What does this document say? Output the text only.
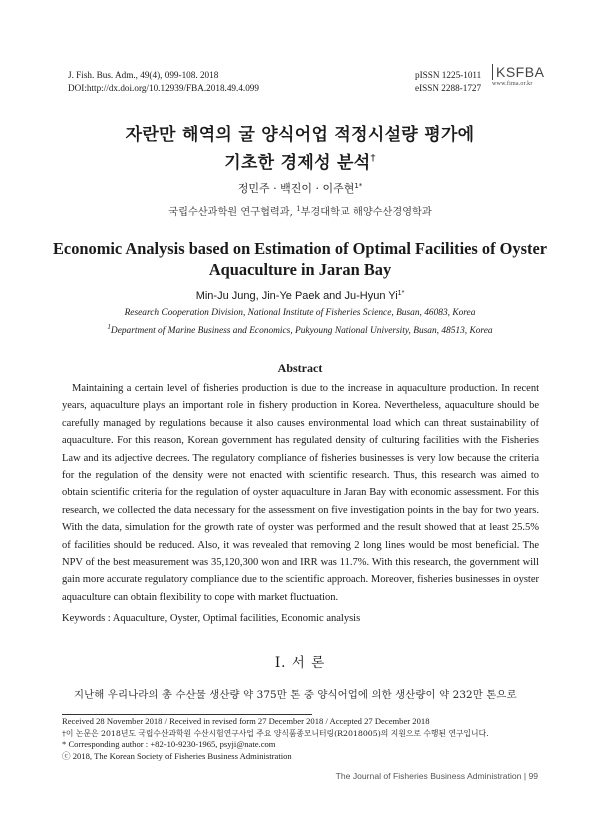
J. Fish. Bus. Adm., 49(4), 099-108. 2018
DOI:http://dx.doi.org/10.12939/FBA.2018.49.4.099
pISSN 1225-1011
eISSN 2288-1727
KSFBA
www.fima.or.kr
자란만 해역의 굴 양식어업 적정시설량 평가에
기초한 경제성 분석†
정민주 · 백진이 · 이주현$^{1*}$
국립수산과학원 연구협력과, $^1$부경대학교 해양수산경영학과
Economic Analysis based on Estimation of Optimal Facilities of Oyster
Aquaculture in Jaran Bay
Min-Ju Jung, Jin-Ye Paek and Ju-Hyun $Yi^{1*}$
Research Cooperation Division, National Institute of Fisheries Science, Busan, 46083, Korea
$^1$Department of Marine Business and Economics, Pukyoung National University, Busan, 48513, Korea
Abstract

Maintaining a certain level of fisheries production is due to the increase in aquaculture production. In recent years, aquaculture plays an important role in fishery production in Korea. Nevertheless, aquaculture should be carefully managed by regulations because it also causes environmental load which can threat sustainability of aquaculture. For this reason, Korean government has regulated density of culturing facilities with the Fisheries Law and its adjective decrees. The regulatory compliance of fisheries businesses is very low because the criteria for the regulation of the density were not enacted with scientific research. Thus, this research was aimed to obtain scientific criteria for the regulation of oyster aquaculture in Jaran Bay with economic assessment. For this research, we collected the data necessary for the assessment on five investigation points in the bay for two years. With the data, simulation for the growth rate of oyster was performed and the result showed that at least 25.5% of facilities should be reduced. Also, it was revealed that removing 2 long lines would be most beneficial. The NPV of the best measurement was 35,120,300 won and IRR was 11.7%. With this research, the government will gain more accurate regulatory compliance due to the scientific approach. Moreover, fisheries businesses in oyster aquaculture can obtain flexibility to cope with market fluctuation.

Keywords : Aquaculture, Oyster, Optimal facilities, Economic analysis
Ⅰ. 서 론
지난해 우리나라의 총 수산물 생산량 약 375만 톤 중 양식어업에 의한 생산량이 약 232만 톤으로
Received 28 November 2018 / Received in revised form 27 December 2018 / Accepted 27 December 2018
†이 논문은 2018년도 국립수산과학원 수산시험연구사업 주요 양식품종모니터링(R2018005)의 지원으로 수행된 연구입니다.
* Corresponding author : +82-10-9230-1965, psyji@nate.com
ⓒ 2018, The Korean Society of Fisheries Business Administration
The Journal of Fisheries Business Administration | 99
